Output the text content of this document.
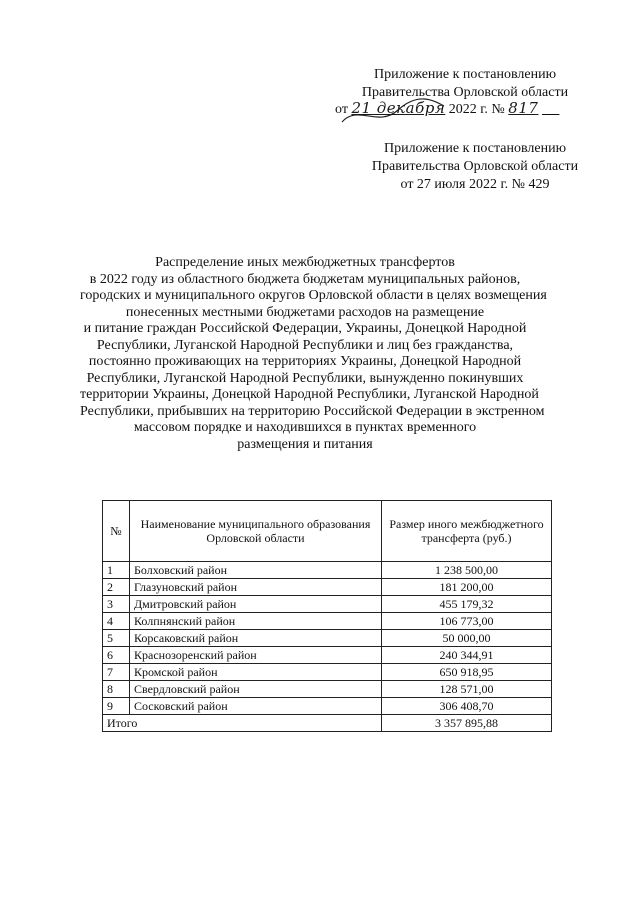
Приложение к постановлению
Правительства Орловской области
от 21 декабря 2022 г. № 817
Приложение к постановлению
Правительства Орловской области
от 27 июля 2022 г. № 429
Распределение иных межбюджетных трансфертов
в 2022 году из областного бюджета бюджетам муниципальных районов,
городских и муниципального округов Орловской области в целях возмещения
понесенных местными бюджетами расходов на размещение
и питание граждан Российской Федерации, Украины, Донецкой Народной
Республики, Луганской Народной Республики и лиц без гражданства,
постоянно проживающих на территориях Украины, Донецкой Народной
Республики, Луганской Народной Республики, вынужденно покинувших
территории Украины, Донецкой Народной Республики, Луганской Народной
Республики, прибывших на территорию Российской Федерации в экстренном
массовом порядке и находившихся в пунктах временного
размещения и питания
№	Наименование муниципального образования Орловской области	Размер иного межбюджетного трансферта (руб.)
1	Болховский район	1 238 500,00
2	Глазуновский район	181 200,00
3	Дмитровский район	455 179,32
4	Колпнянский район	106 773,00
5	Корсаковский район	50 000,00
6	Краснозоренский район	240 344,91
7	Кромской район	650 918,95
8	Свердловский район	128 571,00
9	Сосковский район	306 408,70
Итого		3 357 895,88
